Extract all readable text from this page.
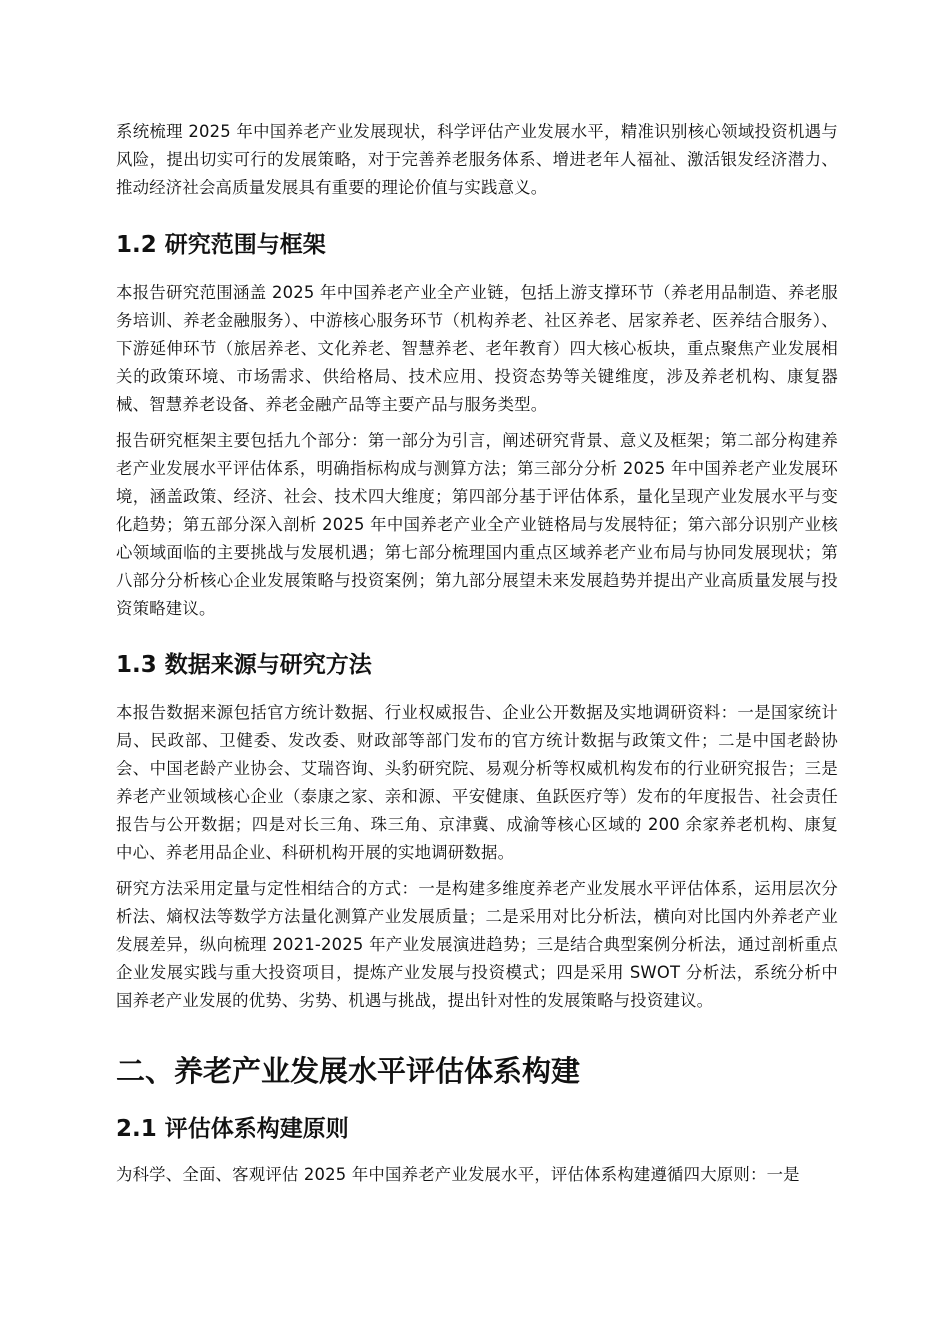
系统梳理 2025 年中国养老产业发展现状，科学评估产业发展水平，精准识别核心领域投资机遇与风险，提出切实可行的发展策略，对于完善养老服务体系、增进老年人福祉、激活银发经济潜力、推动经济社会高质量发展具有重要的理论价值与实践意义。

1.2 研究范围与框架

本报告研究范围涵盖 2025 年中国养老产业全产业链，包括上游支撑环节（养老用品制造、养老服务培训、养老金融服务）、中游核心服务环节（机构养老、社区养老、居家养老、医养结合服务）、下游延伸环节（旅居养老、文化养老、智慧养老、老年教育）四大核心板块，重点聚焦产业发展相关的政策环境、市场需求、供给格局、技术应用、投资态势等关键维度，涉及养老机构、康复器械、智慧养老设备、养老金融产品等主要产品与服务类型。

报告研究框架主要包括九个部分：第一部分为引言，阐述研究背景、意义及框架；第二部分构建养老产业发展水平评估体系，明确指标构成与测算方法；第三部分分析 2025 年中国养老产业发展环境，涵盖政策、经济、社会、技术四大维度；第四部分基于评估体系，量化呈现产业发展水平与变化趋势；第五部分深入剖析 2025 年中国养老产业全产业链格局与发展特征；第六部分识别产业核心领域面临的主要挑战与发展机遇；第七部分梳理国内重点区域养老产业布局与协同发展现状；第八部分分析核心企业发展策略与投资案例；第九部分展望未来发展趋势并提出产业高质量发展与投资策略建议。

1.3 数据来源与研究方法

本报告数据来源包括官方统计数据、行业权威报告、企业公开数据及实地调研资料：一是国家统计局、民政部、卫健委、发改委、财政部等部门发布的官方统计数据与政策文件；二是中国老龄协会、中国老龄产业协会、艾瑞咨询、头豹研究院、易观分析等权威机构发布的行业研究报告；三是养老产业领域核心企业（泰康之家、亲和源、平安健康、鱼跃医疗等）发布的年度报告、社会责任报告与公开数据；四是对长三角、珠三角、京津冀、成渝等核心区域的 200 余家养老机构、康复中心、养老用品企业、科研机构开展的实地调研数据。

研究方法采用定量与定性相结合的方式：一是构建多维度养老产业发展水平评估体系，运用层次分析法、熵权法等数学方法量化测算产业发展质量；二是采用对比分析法，横向对比国内外养老产业发展差异，纵向梳理 2021-2025 年产业发展演进趋势；三是结合典型案例分析法，通过剖析重点企业发展实践与重大投资项目，提炼产业发展与投资模式；四是采用 SWOT 分析法，系统分析中国养老产业发展的优势、劣势、机遇与挑战，提出针对性的发展策略与投资建议。

二、养老产业发展水平评估体系构建
2.1 评估体系构建原则

为科学、全面、客观评估 2025 年中国养老产业发展水平，评估体系构建遵循四大原则：一是
